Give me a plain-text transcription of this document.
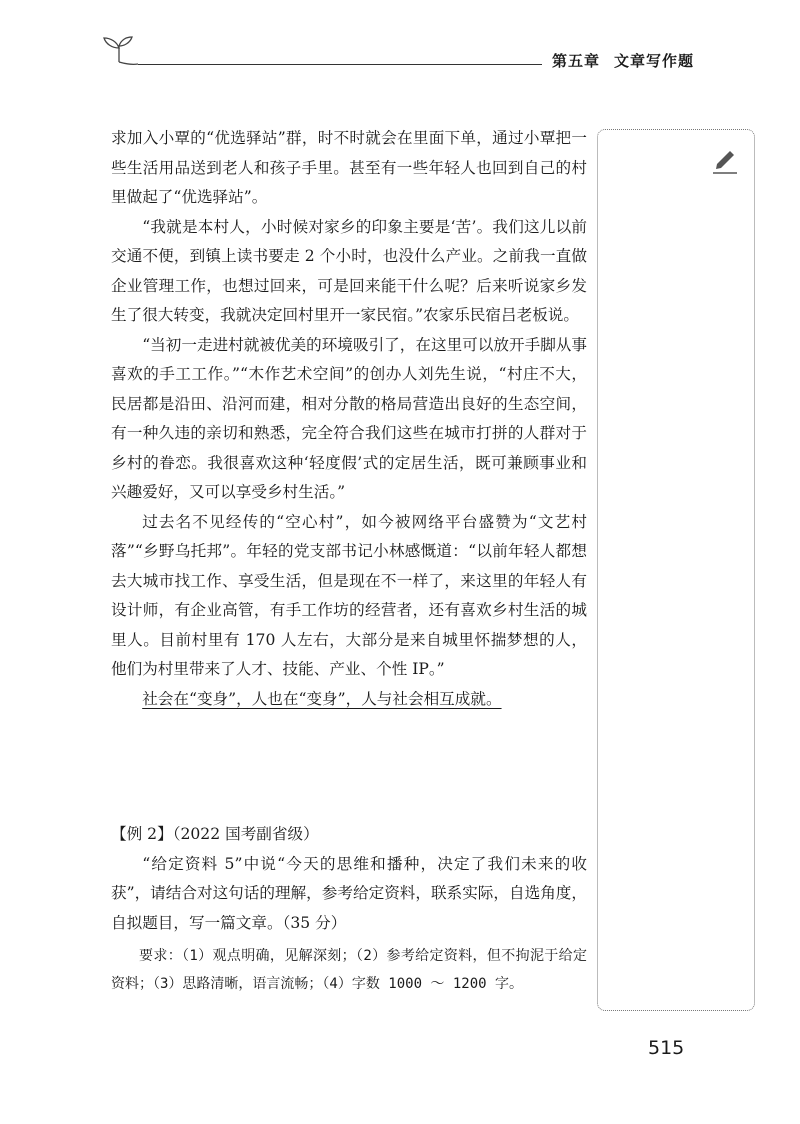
第五章 文章写作题

求加入小覃的“优选驿站”群，时不时就会在里面下单，通过小覃把一些生活用品送到老人和孩子手里。甚至有一些年轻人也回到自己的村里做起了“优选驿站”。

“我就是本村人，小时候对家乡的印象主要是‘苦’。我们这儿以前交通不便，到镇上读书要走 2 个小时，也没什么产业。之前我一直做企业管理工作，也想过回来，可是回来能干什么呢？后来听说家乡发生了很大转变，我就决定回村里开一家民宿。”农家乐民宿吕老板说。

“当初一走进村就被优美的环境吸引了，在这里可以放开手脚从事喜欢的手工工作。”“木作艺术空间”的创办人刘先生说，“村庄不大，民居都是沿田、沿河而建，相对分散的格局营造出良好的生态空间，有一种久违的亲切和熟悉，完全符合我们这些在城市打拼的人群对于乡村的眷恋。我很喜欢这种‘轻度假’式的定居生活，既可兼顾事业和兴趣爱好，又可以享受乡村生活。”

过去名不见经传的“空心村”，如今被网络平台盛赞为“文艺村落”“乡野乌托邦”。年轻的党支部书记小林感慨道：“以前年轻人都想去大城市找工作、享受生活，但是现在不一样了，来这里的年轻人有设计师，有企业高管，有手工作坊的经营者，还有喜欢乡村生活的城里人。目前村里有 170 人左右，大部分是来自城里怀揣梦想的人，他们为村里带来了人才、技能、产业、个性 IP。”

社会在“变身”，人也在“变身”，人与社会相互成就。

【例 2】（2022 国考副省级）

“给定资料 5”中说“今天的思维和播种，决定了我们未来的收获”，请结合对这句话的理解，参考给定资料，联系实际，自选角度，自拟题目，写一篇文章。（35 分）

要求：（1）观点明确，见解深刻；（2）参考给定资料，但不拘泥于给定资料；（3）思路清晰，语言流畅；（4）字数 1000 ～ 1200 字。

515
